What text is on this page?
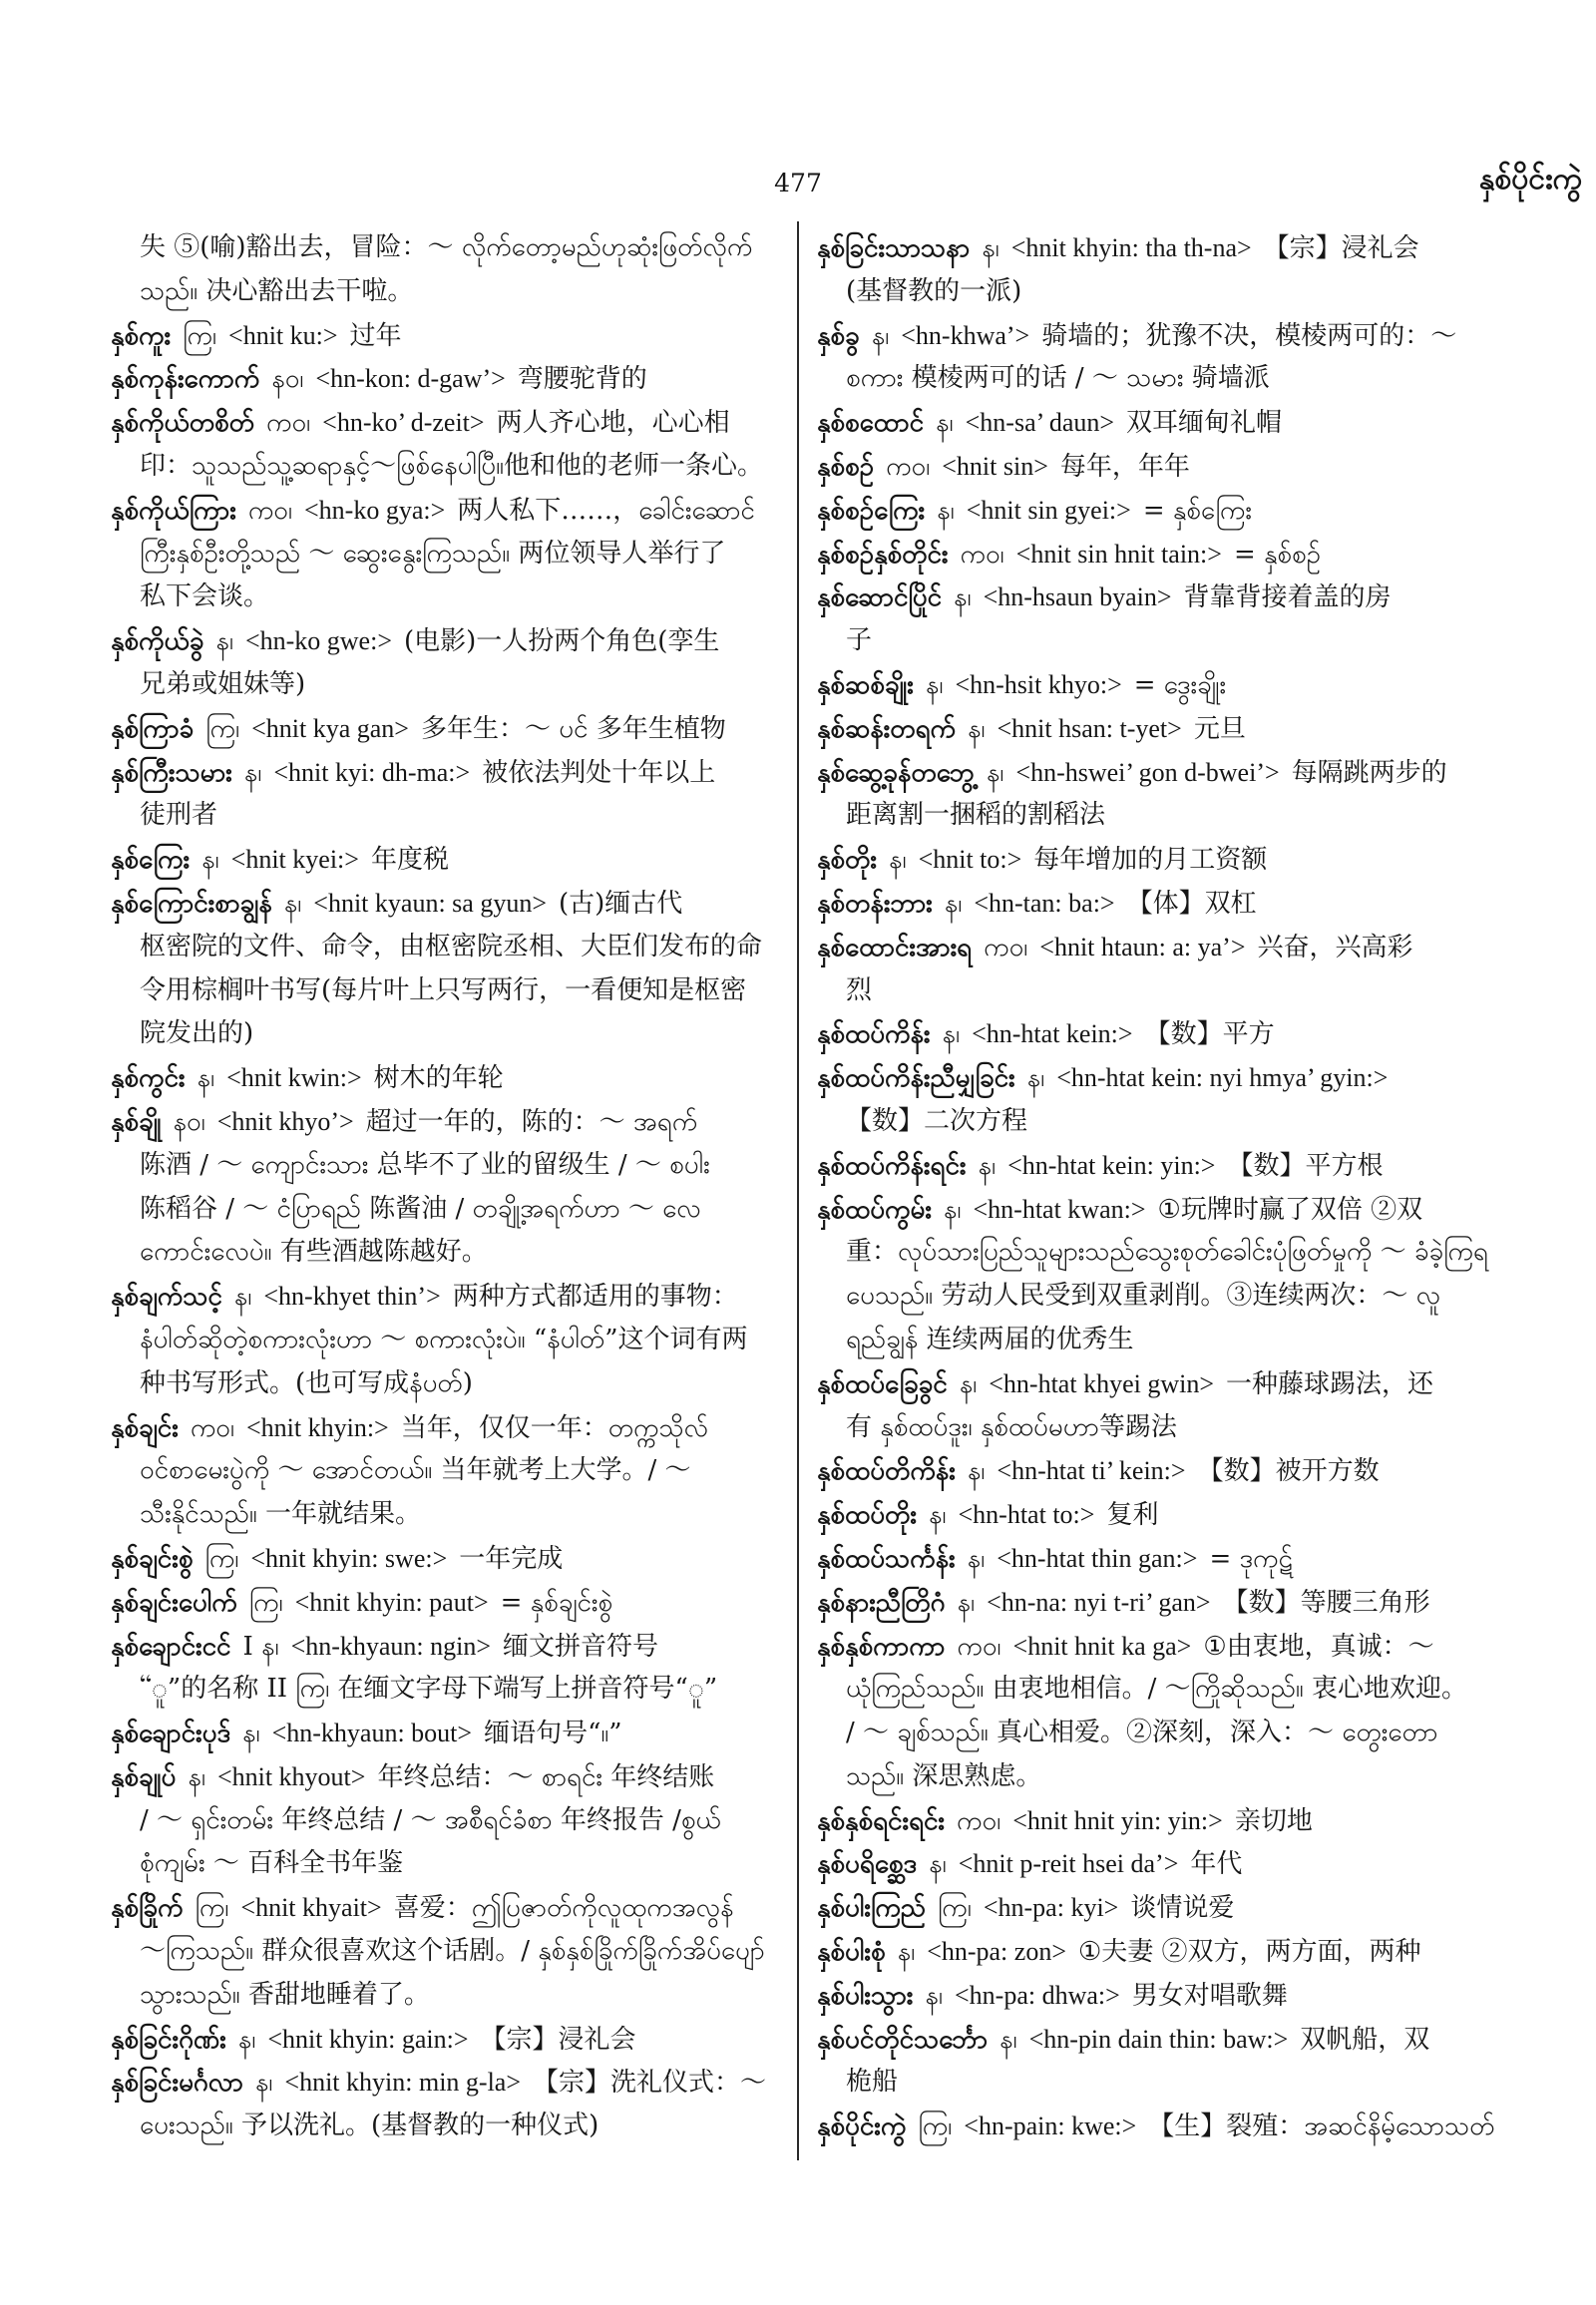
477	နှစ်ပိုင်းကွဲ
失 ⑤(喻)豁出去，冒险：～ လိုက်တော့မည်ဟုဆုံးဖြတ်လိုက်
သည်။ 决心豁出去干啦。
နှစ်ကူး ကြ၊ <hnit ku:> 过年
နှစ်ကုန်းကောက် နဝ၊ <hn-kon: d-gaw’> 弯腰驼背的
နှစ်ကိုယ်တစိတ် ကဝ၊ <hn-ko’ d-zeit> 两人齐心地，心心相
印：သူသည်သူ့ဆရာနှင့်～ဖြစ်နေပါပြီ။他和他的老师一条心。
နှစ်ကိုယ်ကြား ကဝ၊ <hn-ko gya:> 两人私下……，ခေါင်းဆောင်
ကြီးနှစ်ဦးတို့သည် ～ ဆွေးနွေးကြသည်။ 两位领导人举行了
私下会谈。
နှစ်ကိုယ်ခွဲ န၊ <hn-ko gwe:> (电影)一人扮两个角色(孪生
兄弟或姐妹等)
နှစ်ကြာခံ ကြ၊ <hnit kya gan> 多年生：～ ပင် 多年生植物
နှစ်ကြီးသမား န၊ <hnit kyi: dh-ma:> 被依法判处十年以上
徒刑者
နှစ်ကြေး န၊ <hnit kyei:> 年度税
နှစ်ကြောင်းစာချွန် န၊ <hnit kyaun: sa gyun> (古)缅古代
枢密院的文件、命令，由枢密院丞相、大臣们发布的命
令用棕榈叶书写(每片叶上只写两行，一看便知是枢密
院发出的)
နှစ်ကွင်း န၊ <hnit kwin:> 树木的年轮
နှစ်ချို နဝ၊ <hnit khyo’> 超过一年的，陈的：～ အရက်
陈酒 / ～ ကျောင်းသား 总毕不了业的留级生 / ～ စပါး
陈稻谷 / ～ ငံပြာရည် 陈酱油 / တချို့အရက်ဟာ ～ လေ
ကောင်းလေပဲ။ 有些酒越陈越好。
နှစ်ချက်သင့် န၊ <hn-khyet thin’> 两种方式都适用的事物：
နံပါတ်ဆိုတဲ့စကားလုံးဟာ ～ စကားလုံးပဲ။ “နံပါတ်”这个词有两
种书写形式。(也可写成နံပတ်)
နှစ်ချင်း ကဝ၊ <hnit khyin:> 当年，仅仅一年：တက္ကသိုလ်
ဝင်စာမေးပွဲကို ～ အောင်တယ်။ 当年就考上大学。/ ～
သီးနိုင်သည်။ 一年就结果。
နှစ်ချင်းစွဲ ကြ၊ <hnit khyin: swe:> 一年完成
နှစ်ချင်းပေါက် ကြ၊ <hnit khyin: paut> = နှစ်ချင်းစွဲ
နှစ်ချောင်းငင် I န၊ <hn-khyaun: ngin> 缅文拼音符号
“ူ”的名称 II ကြ၊ 在缅文字母下端写上拼音符号“ူ”
နှစ်ချောင်းပုဒ် န၊ <hn-khyaun: bout> 缅语句号“။”
နှစ်ချုပ် န၊ <hnit khyout> 年终总结：～ စာရင်း 年终结账
/ ～ ရှင်းတမ်း 年终总结 / ～ အစီရင်ခံစာ 年终报告 /စွယ်
စုံကျမ်း ～ 百科全书年鉴
နှစ်ခြိုက် ကြ၊ <hnit khyait> 喜爱：ဤပြဇာတ်ကိုလူထုကအလွန်
～ကြသည်။ 群众很喜欢这个话剧。/ နှစ်နှစ်ခြိုက်ခြိုက်အိပ်ပျော်
သွားသည်။ 香甜地睡着了。
နှစ်ခြင်းဂိုဏ်း န၊ <hnit khyin: gain:> 【宗】浸礼会
နှစ်ခြင်းမင်္ဂလာ န၊ <hnit khyin: min g-la> 【宗】洗礼仪式：～
ပေးသည်။ 予以洗礼。(基督教的一种仪式)
နှစ်ခြင်းသာသနာ န၊ <hnit khyin: tha th-na> 【宗】浸礼会
(基督教的一派)
နှစ်ခွ န၊ <hn-khwa’> 骑墙的；犹豫不决，模棱两可的：～
စကား 模棱两可的话 / ～ သမား 骑墙派
နှစ်စထောင် န၊ <hn-sa’ daun> 双耳缅甸礼帽
နှစ်စဉ် ကဝ၊ <hnit sin> 每年，年年
နှစ်စဉ်ကြေး န၊ <hnit sin gyei:> = နှစ်ကြေး
နှစ်စဉ်နှစ်တိုင်း ကဝ၊ <hnit sin hnit tain:> = နှစ်စဉ်
နှစ်ဆောင်ပြိုင် န၊ <hn-hsaun byain> 背靠背接着盖的房
子
နှစ်ဆစ်ချိုး န၊ <hn-hsit khyo:> = ဒွေးချိုး
နှစ်ဆန်းတရက် န၊ <hnit hsan: t-yet> 元旦
နှစ်ဆွေ့ခုန်တဘွေ့ န၊ <hn-hswei’ gon d-bwei’> 每隔跳两步的
距离割一捆稻的割稻法
နှစ်တိုး န၊ <hnit to:> 每年增加的月工资额
နှစ်တန်းဘား န၊ <hn-tan: ba:> 【体】双杠
နှစ်ထောင်းအားရ ကဝ၊ <hnit htaun: a: ya’> 兴奋，兴高彩
烈
နှစ်ထပ်ကိန်း န၊ <hn-htat kein:> 【数】平方
နှစ်ထပ်ကိန်းညီမျှခြင်း န၊ <hn-htat kein: nyi hmya’ gyin:>
【数】二次方程
နှစ်ထပ်ကိန်းရင်း န၊ <hn-htat kein: yin:> 【数】平方根
နှစ်ထပ်ကွမ်း န၊ <hn-htat kwan:> ①玩牌时赢了双倍 ②双
重：လုပ်သားပြည်သူများသည်သွေးစုတ်ခေါင်းပုံဖြတ်မှုကို ～ ခံခဲ့ကြရ
ပေသည်။ 劳动人民受到双重剥削。③连续两次：～ လူ
ရည်ချွန် 连续两届的优秀生
နှစ်ထပ်ခြေခွင် န၊ <hn-htat khyei gwin> 一种藤球踢法，还
有 နှစ်ထပ်ဒူး၊ နှစ်ထပ်မဟာ等踢法
နှစ်ထပ်တိကိန်း န၊ <hn-htat ti’ kein:> 【数】被开方数
နှစ်ထပ်တိုး န၊ <hn-htat to:> 复利
နှစ်ထပ်သင်္ကန်း န၊ <hn-htat thin gan:> = ဒုကုဋ်
နှစ်နားညီတြိဂံ န၊ <hn-na: nyi t-ri’ gan> 【数】等腰三角形
နှစ်နှစ်ကာကာ ကဝ၊ <hnit hnit ka ga> ①由衷地，真诚：～
ယုံကြည်သည်။ 由衷地相信。/ ～ကြိုဆိုသည်။ 衷心地欢迎。
/ ～ ချစ်သည်။ 真心相爱。②深刻，深入：～ တွေးတော
သည်။ 深思熟虑。
နှစ်နှစ်ရင်းရင်း ကဝ၊ <hnit hnit yin: yin:> 亲切地
နှစ်ပရိစ္ဆေဒ န၊ <hnit p-reit hsei da’> 年代
နှစ်ပါးကြည် ကြ၊ <hn-pa: kyi> 谈情说爱
နှစ်ပါးစုံ န၊ <hn-pa: zon> ①夫妻 ②双方，两方面，两种
နှစ်ပါးသွား န၊ <hn-pa: dhwa:> 男女对唱歌舞
နှစ်ပင်တိုင်သင်္ဘော န၊ <hn-pin dain thin: baw:> 双帆船，双
桅船
နှစ်ပိုင်းကွဲ ကြ၊ <hn-pain: kwe:> 【生】裂殖：အဆင်နိမ့်သောသတ်
